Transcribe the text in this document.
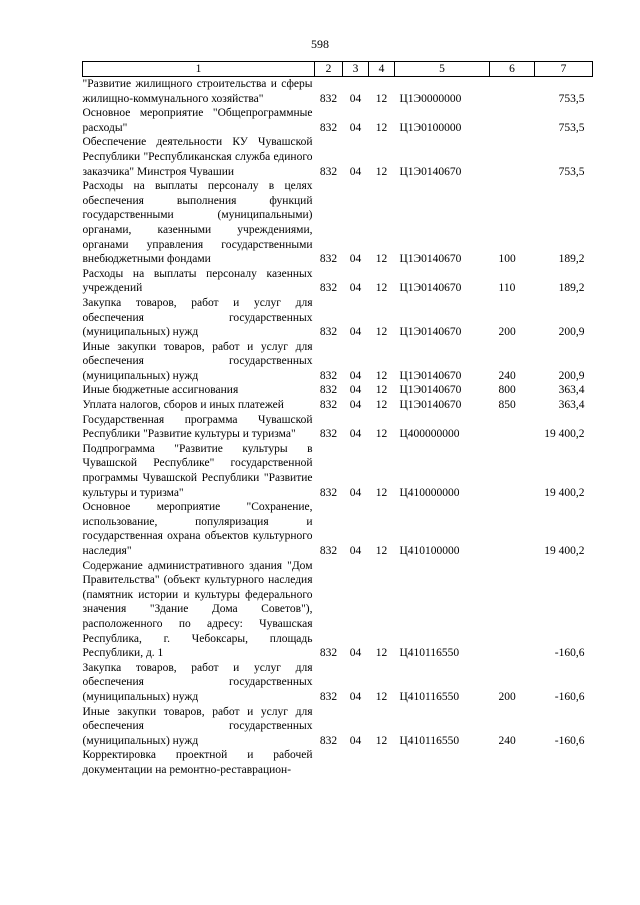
598
1	2	3	4	5	6	7
"Развитие жилищного строительства и сферы жилищно-коммунального хозяйства"	832	04	12	Ц1Э0000000		753,5
Основное мероприятие "Общепрограммные расходы"	832	04	12	Ц1Э0100000		753,5
Обеспечение деятельности КУ Чувашской Республики "Республиканская служба единого заказчика" Минстроя Чувашии	832	04	12	Ц1Э0140670		753,5
Расходы на выплаты персоналу в целях обеспечения выполнения функций государственными (муниципальными) органами, казенными учреждениями, органами управления государственными внебюджетными фондами	832	04	12	Ц1Э0140670	100	189,2
Расходы на выплаты персоналу казенных учреждений	832	04	12	Ц1Э0140670	110	189,2
Закупка товаров, работ и услуг для обеспечения государственных (муниципальных) нужд	832	04	12	Ц1Э0140670	200	200,9
Иные закупки товаров, работ и услуг для обеспечения государственных (муниципальных) нужд	832	04	12	Ц1Э0140670	240	200,9
Иные бюджетные ассигнования	832	04	12	Ц1Э0140670	800	363,4
Уплата налогов, сборов и иных платежей	832	04	12	Ц1Э0140670	850	363,4
Государственная программа Чувашской Республики "Развитие культуры и туризма"	832	04	12	Ц400000000		19 400,2
Подпрограмма "Развитие культуры в Чувашской Республике" государственной программы Чувашской Республики "Развитие культуры и туризма"	832	04	12	Ц410000000		19 400,2
Основное мероприятие "Сохранение, использование, популяризация и государственная охрана объектов культурного наследия"	832	04	12	Ц410100000		19 400,2
Содержание административного здания "Дом Правительства" (объект культурного наследия (памятник истории и культуры федерального значения "Здание Дома Советов"), расположенного по адресу: Чувашская Республика, г. Чебоксары, площадь Республики, д. 1	832	04	12	Ц410116550		-160,6
Закупка товаров, работ и услуг для обеспечения государственных (муниципальных) нужд	832	04	12	Ц410116550	200	-160,6
Иные закупки товаров, работ и услуг для обеспечения государственных (муниципальных) нужд	832	04	12	Ц410116550	240	-160,6
Корректировка проектной и рабочей документации на ремонтно-реставрацион-						
